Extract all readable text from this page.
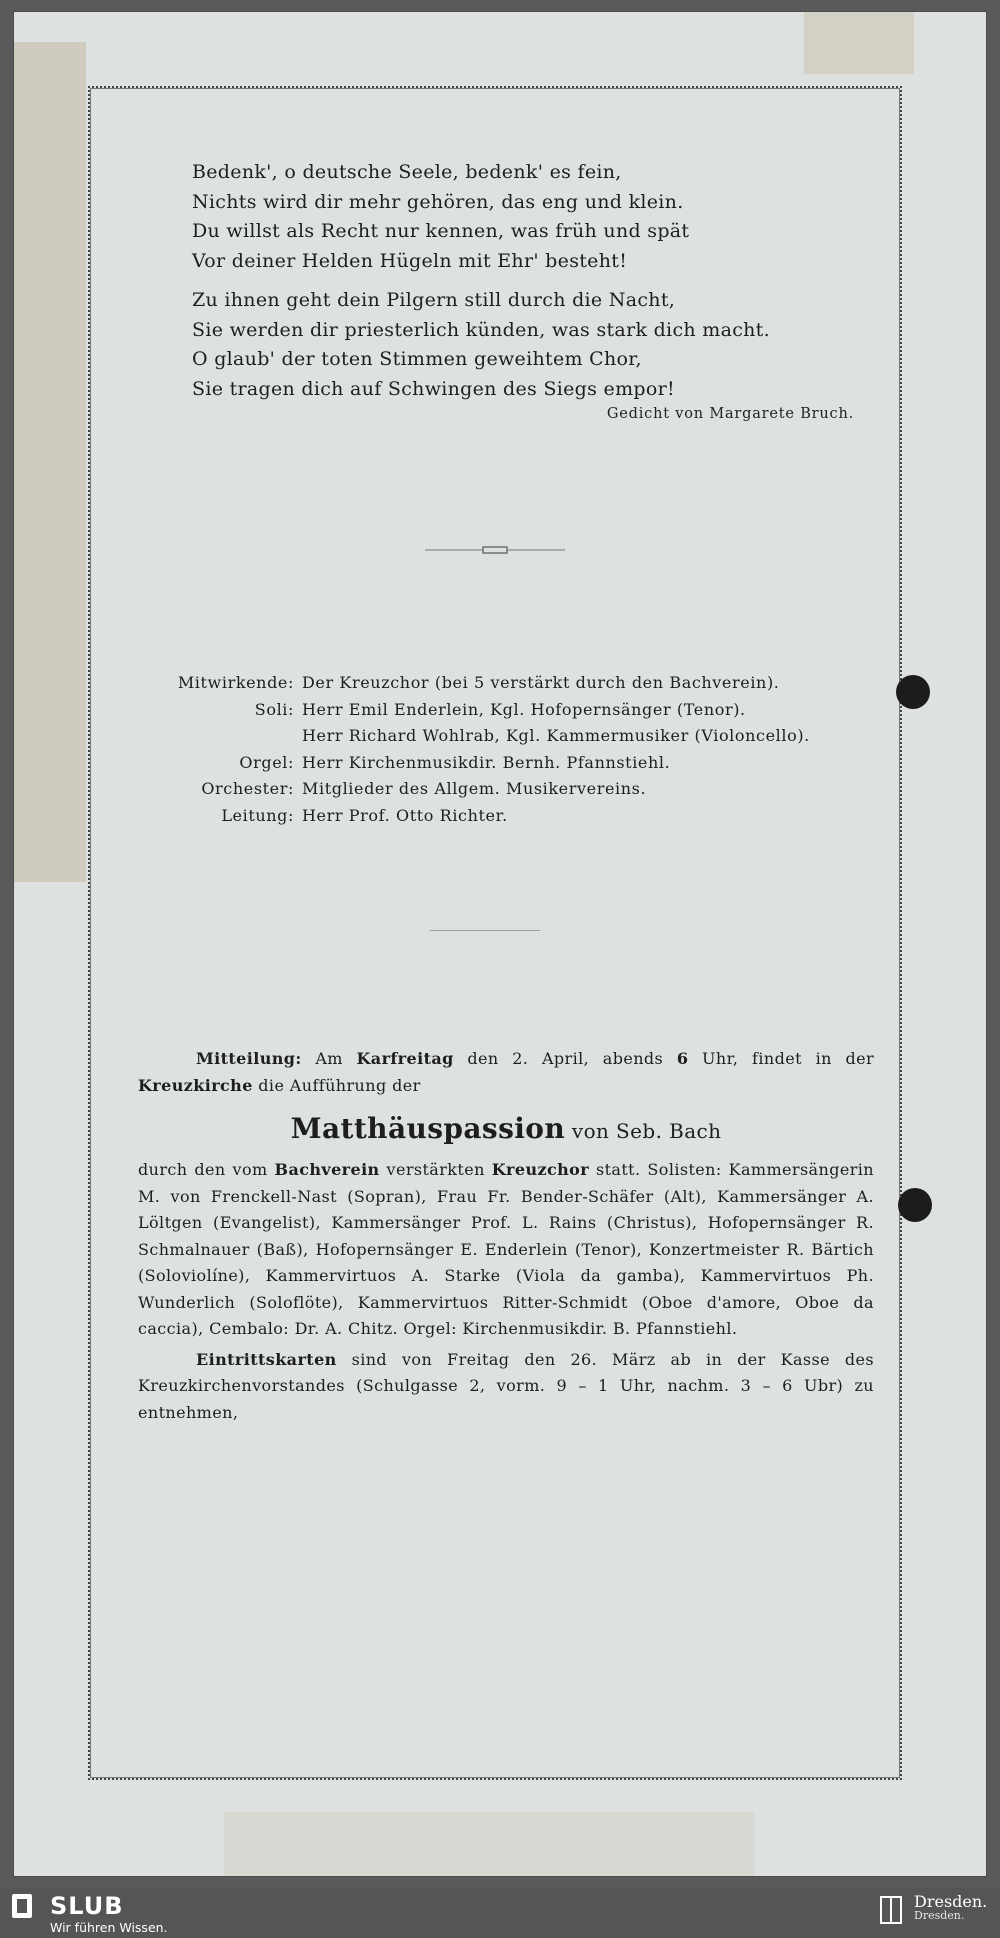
Bedenk', o deutsche Seele, bedenk' es fein,
Nichts wird dir mehr gehören, das eng und klein.
Du willst als Recht nur kennen, was früh und spät
Vor deiner Helden Hügeln mit Ehr' besteht!
Zu ihnen geht dein Pilgern still durch die Nacht,
Sie werden dir priesterlich künden, was stark dich macht.
O glaub' der toten Stimmen geweihtem Chor,
Sie tragen dich auf Schwingen des Siegs empor!
Gedicht von Margarete Bruch.
Mitwirkende: Der Kreuzchor (bei 5 verstärkt durch den Bachverein).
Soli: Herr Emil Enderlein, Kgl. Hofopernsänger (Tenor).
Herr Richard Wohlrab, Kgl. Kammermusiker (Violoncello).
Orgel: Herr Kirchenmusikdir. Bernh. Pfannstiehl.
Orchester: Mitglieder des Allgem. Musikervereins.
Leitung: Herr Prof. Otto Richter.

Mitteilung: Am Karfreitag den 2. April, abends 6 Uhr, findet in der Kreuzkirche die Aufführung der

Matthäuspassion von Seb. Bach

durch den vom Bachverein verstärkten Kreuzchor statt. Solisten: Kammersängerin M. von Frenckell-Nast (Sopran), Frau Fr. Bender-Schäfer (Alt), Kammersänger A. Löltgen (Evangelist), Kammersänger Prof. L. Rains (Christus), Hofopernsänger R. Schmalnauer (Baß), Hofopernsänger E. Enderlein (Tenor), Konzertmeister R. Bärtich (Soloviolíne), Kammervirtuos A. Starke (Viola da gamba), Kammervirtuos Ph. Wunderlich (Soloflöte), Kammervirtuos Ritter-Schmidt (Oboe d'amore, Oboe da caccia), Cembalo: Dr. A. Chitz. Orgel: Kirchenmusikdir. B. Pfannstiehl.

Eintrittskarten sind von Freitag den 26. März ab in der Kasse des Kreuzkirchenvorstandes (Schulgasse 2, vorm. 9 – 1 Uhr, nachm. 3 – 6 Ubr) zu entnehmen,

SLUB
Wir führen Wissen.
Dresden.
Dresden.
